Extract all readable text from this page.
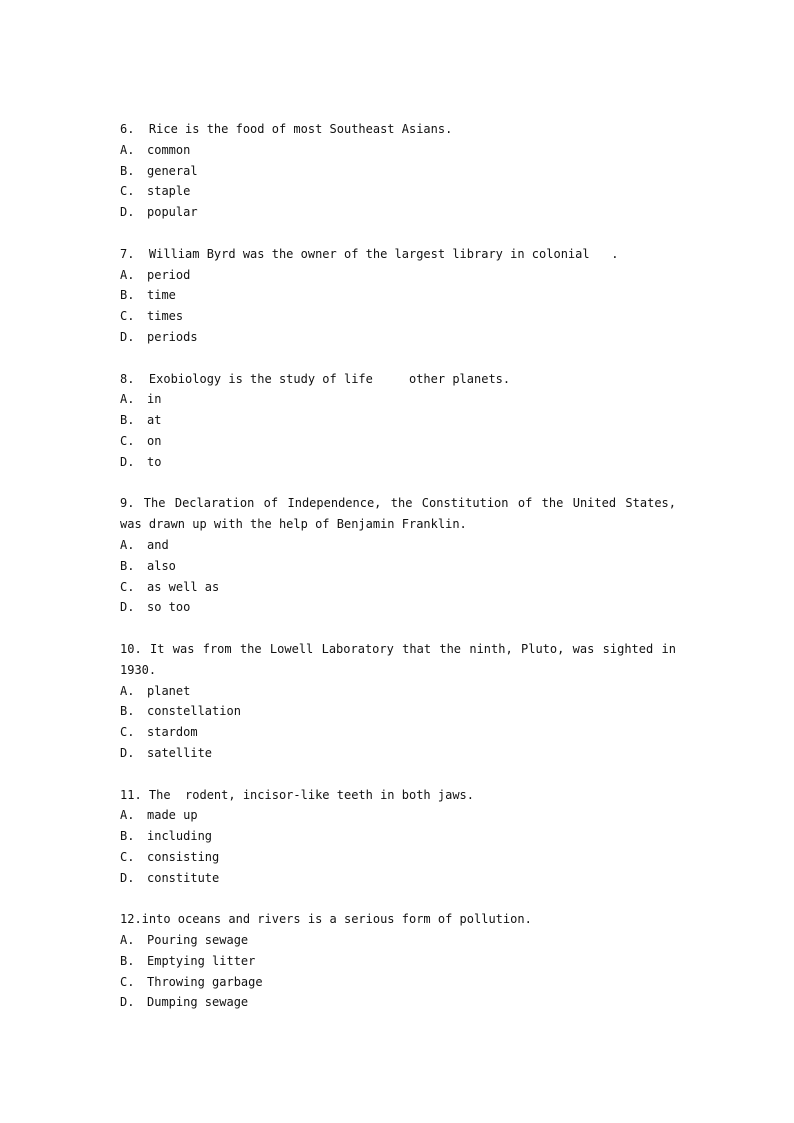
6.  Rice is the food of most Southeast Asians.

A. common
B. general
C. staple
D. popular

7.  William Byrd was the owner of the largest library in colonial   .

A. period
B. time
C. times
D. periods

8.  Exobiology is the study of life     other planets.

A. in
B. at
C. on
D. to

9. The Declaration of Independence, the Constitution of the United States, was drawn up with the help of Benjamin Franklin.

A. and
B. also
C. as well as
D. so too

10. It was from the Lowell Laboratory that the ninth, Pluto, was sighted in 1930.

A. planet
B. constellation
C. stardom
D. satellite

11. The  rodent, incisor-like teeth in both jaws.

A. made up
B. including
C. consisting
D. constitute

12.into oceans and rivers is a serious form of pollution.

A. Pouring sewage
B. Emptying litter
C. Throwing garbage
D. Dumping sewage
